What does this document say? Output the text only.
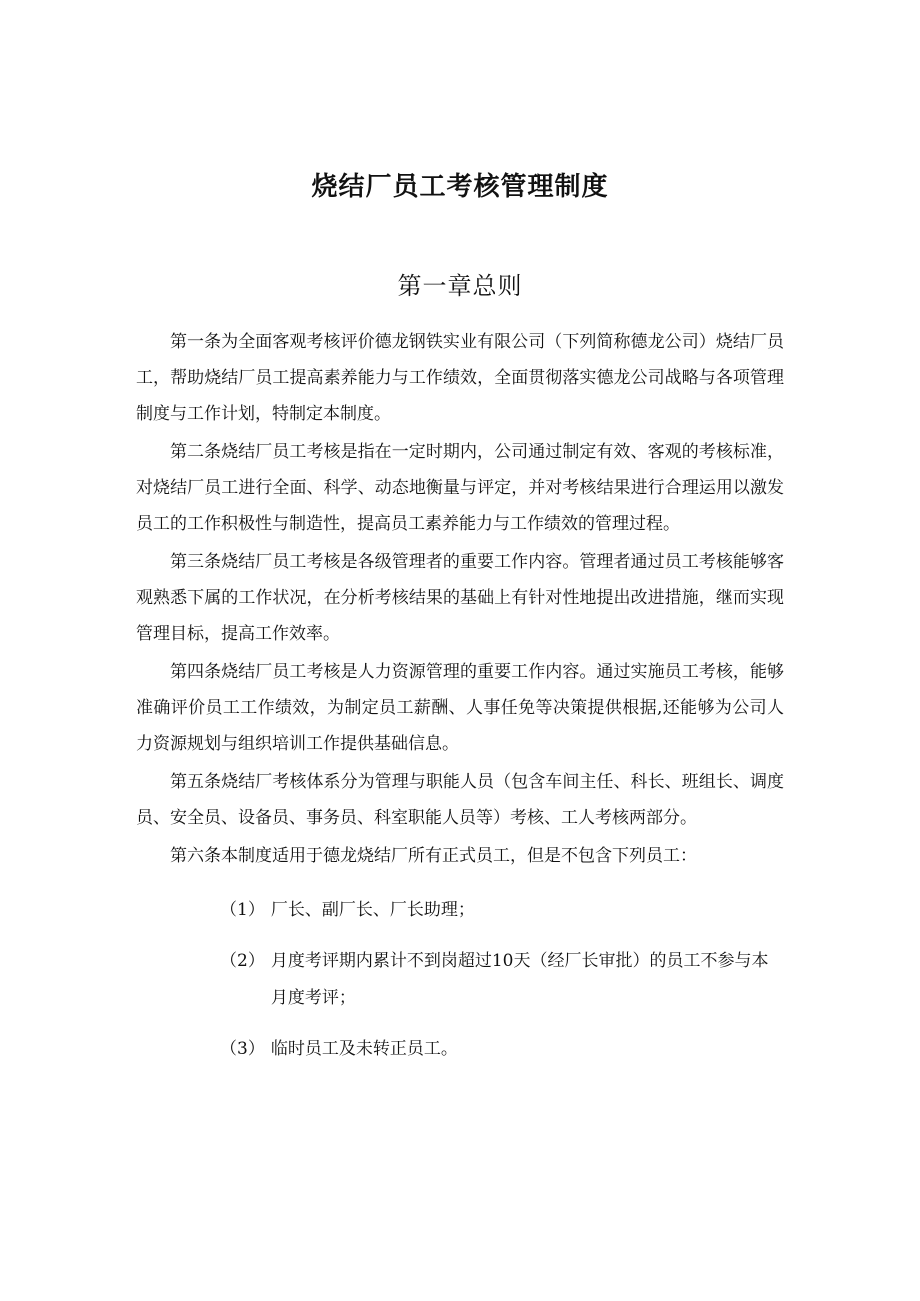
烧结厂员工考核管理制度
第一章总则

第一条为全面客观考核评价德龙钢铁实业有限公司（下列简称德龙公司）烧结厂员工，帮助烧结厂员工提高素养能力与工作绩效，全面贯彻落实德龙公司战略与各项管理制度与工作计划，特制定本制度。

第二条烧结厂员工考核是指在一定时期内，公司通过制定有效、客观的考核标准，对烧结厂员工进行全面、科学、动态地衡量与评定，并对考核结果进行合理运用以激发员工的工作积极性与制造性，提高员工素养能力与工作绩效的管理过程。

第三条烧结厂员工考核是各级管理者的重要工作内容。管理者通过员工考核能够客观熟悉下属的工作状况，在分析考核结果的基础上有针对性地提出改进措施，继而实现管理目标，提高工作效率。

第四条烧结厂员工考核是人力资源管理的重要工作内容。通过实施员工考核，能够准确评价员工工作绩效，为制定员工薪酬、人事任免等决策提供根据,还能够为公司人力资源规划与组织培训工作提供基础信息。

第五条烧结厂考核体系分为管理与职能人员（包含车间主任、科长、班组长、调度员、安全员、设备员、事务员、科室职能人员等）考核、工人考核两部分。

第六条本制度适用于德龙烧结厂所有正式员工，但是不包含下列员工：

（1） 厂长、副厂长、厂长助理；
（2） 月度考评期内累计不到岗超过10天（经厂长审批）的员工不参与本月度考评；
（3） 临时员工及未转正员工。
